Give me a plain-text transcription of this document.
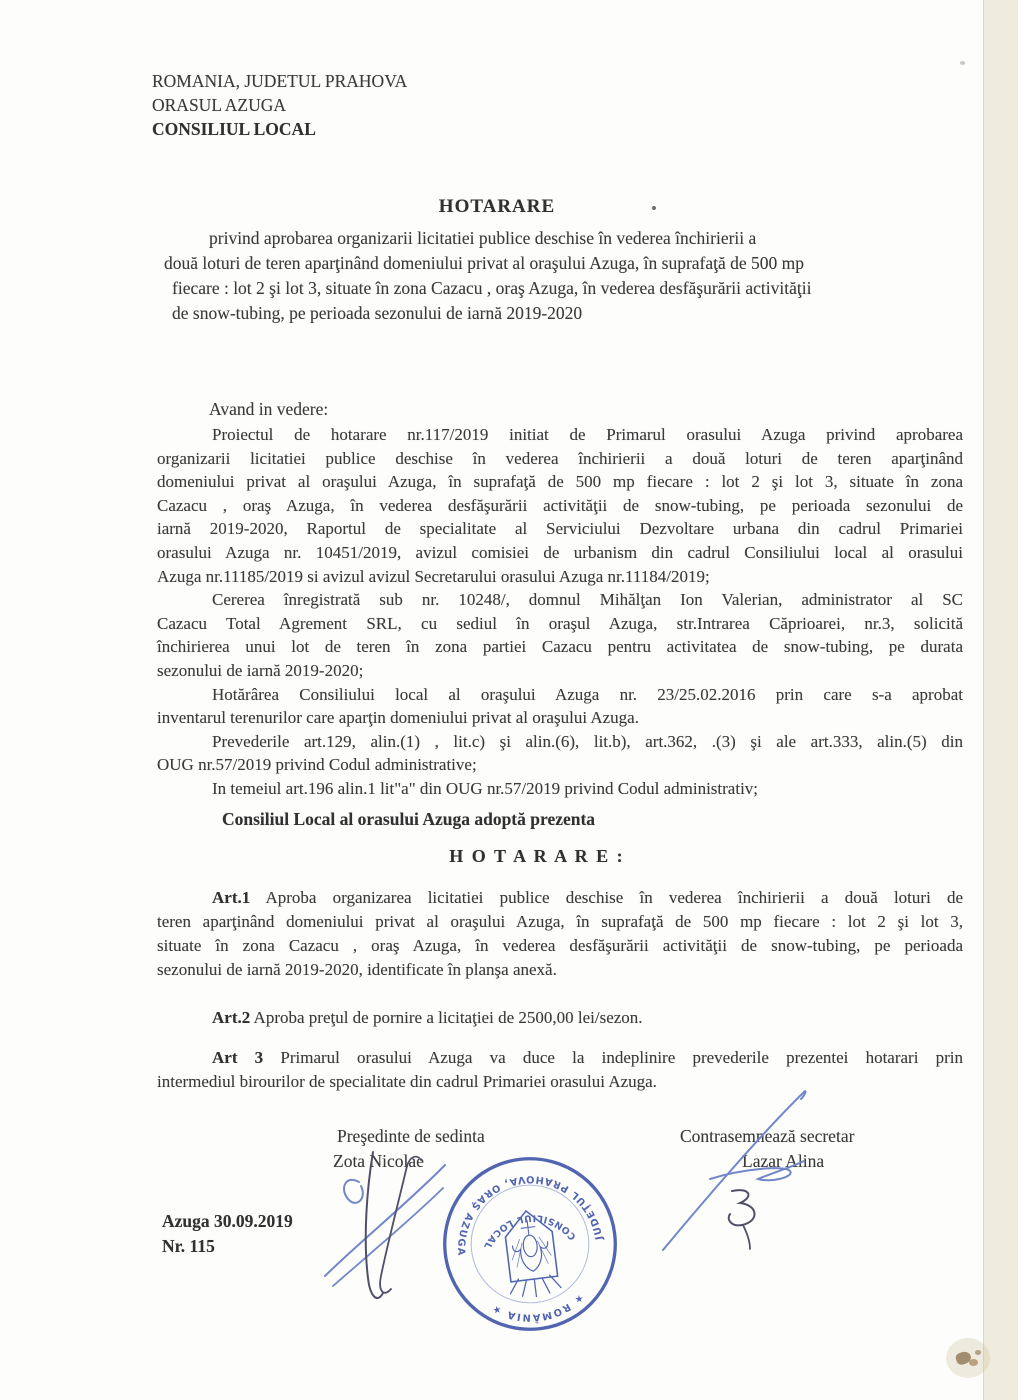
ROMANIA, JUDETUL PRAHOVA
ORASUL AZUGA
CONSILIUL LOCAL
HOTARARE
privind aprobarea organizarii licitatiei publice deschise în vederea închirierii a
două loturi de teren aparţinând domeniului privat al oraşului Azuga, în suprafaţă de 500 mp
fiecare : lot 2 şi lot 3, situate în zona Cazacu , oraş Azuga, în vederea desfăşurării activităţii
de snow-tubing, pe perioada sezonului de iarnă 2019-2020
Avand in vedere:
Proiectul de hotarare nr.117/2019 initiat de Primarul orasului Azuga privind aprobarea
organizarii licitatiei publice deschise în vederea închirierii a două loturi de teren aparţinând
domeniului privat al oraşului Azuga, în suprafaţă de 500 mp fiecare : lot 2 şi lot 3, situate în zona
Cazacu , oraş Azuga, în vederea desfăşurării activităţii de snow-tubing, pe perioada sezonului de
iarnă 2019-2020, Raportul de specialitate al Serviciului Dezvoltare urbana din cadrul Primariei
orasului Azuga nr. 10451/2019, avizul comisiei de urbanism din cadrul Consiliului local al orasului
Azuga nr.11185/2019 si avizul avizul Secretarului orasului Azuga nr.11184/2019;
Cererea înregistrată sub nr. 10248/, domnul Mihălţan Ion Valerian, administrator al SC
Cazacu Total Agrement SRL, cu sediul în oraşul Azuga, str.Intrarea Căprioarei, nr.3, solicită
închirierea unui lot de teren în zona partiei Cazacu pentru activitatea de snow-tubing, pe durata
sezonului de iarnă 2019-2020;
Hotărârea Consiliului local al oraşului Azuga nr. 23/25.02.2016 prin care s-a aprobat
inventarul terenurilor care aparţin domeniului privat al oraşului Azuga.
Prevederile art.129, alin.(1) , lit.c) şi alin.(6), lit.b), art.362, .(3) şi ale art.333, alin.(5) din
OUG nr.57/2019 privind Codul administrative;
In temeiul art.196 alin.1 lit"a" din OUG nr.57/2019 privind Codul administrativ;
Consiliul Local al orasului Azuga adoptă prezenta
H O T A R A R E :
Art.1 Aproba organizarea licitatiei publice deschise în vederea închirierii a două loturi de
teren aparţinând domeniului privat al oraşului Azuga, în suprafaţă de 500 mp fiecare : lot 2 şi lot 3,
situate în zona Cazacu , oraş Azuga, în vederea desfăşurării activităţii de snow-tubing, pe perioada
sezonului de iarnă 2019-2020, identificate în planşa anexă.
Art.2 Aproba preţul de pornire a licitaţiei de 2500,00 lei/sezon.
Art 3 Primarul orasului Azuga va duce la indeplinire prevederile prezentei hotarari prin
intermediul birourilor de specialitate din cadrul Primariei orasului Azuga.
Preşedinte de sedinta
Zota Nicolae
Contrasemnează secretar
Lazar Alina
Azuga 30.09.2019
Nr. 115
★ ROMÂNIA ★
JUDEŢUL PRAHOVA, ORAŞ AZUGA
CONSILIUL LOCAL
